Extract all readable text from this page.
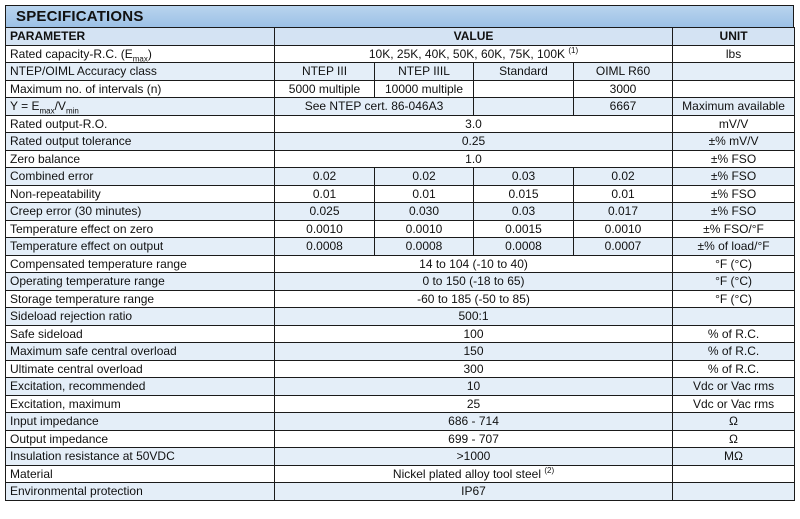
SPECIFICATIONS
PARAMETER	VALUE				UNIT
Rated capacity-R.C. $(E_{max})$	10K, 25K, 40K, 50K, 60K, 75K, 100K $^{(1)}$				lbs
NTEP/OIML Accuracy class	NTEP III	NTEP IIIL	Standard	OIML R60	
Maximum no. of intervals (n)	5000 multiple	10000 multiple		3000	
$Y = E_{max}/V_{min}$	See NTEP cert. 86-046A3			6667	Maximum available
Rated output-R.O.	3.0				mV/V
Rated output tolerance	0.25				±% mV/V
Zero balance	1.0				±% FSO
Combined error	0.02	0.02	0.03	0.02	±% FSO
Non-repeatability	0.01	0.01	0.015	0.01	±% FSO
Creep error (30 minutes)	0.025	0.030	0.03	0.017	±% FSO
Temperature effect on zero	0.0010	0.0010	0.0015	0.0010	±% FSO/°F
Temperature effect on output	0.0008	0.0008	0.0008	0.0007	±% of load/°F
Compensated temperature range	14 to 104 (-10 to 40)				°F (°C)
Operating temperature range	0 to 150 (-18 to 65)				°F (°C)
Storage temperature range	-60 to 185 (-50 to 85)				°F (°C)
Sideload rejection ratio	500:1				
Safe sideload	100				% of R.C.
Maximum safe central overload	150				% of R.C.
Ultimate central overload	300				% of R.C.
Excitation, recommended	10				Vdc or Vac rms
Excitation, maximum	25				Vdc or Vac rms
Input impedance	686 - 714				Ω
Output impedance	699 - 707				Ω
Insulation resistance at 50VDC	>1000				MΩ
Material	Nickel plated alloy tool steel $^{(2)}$	
Environmental protection	IP67				
